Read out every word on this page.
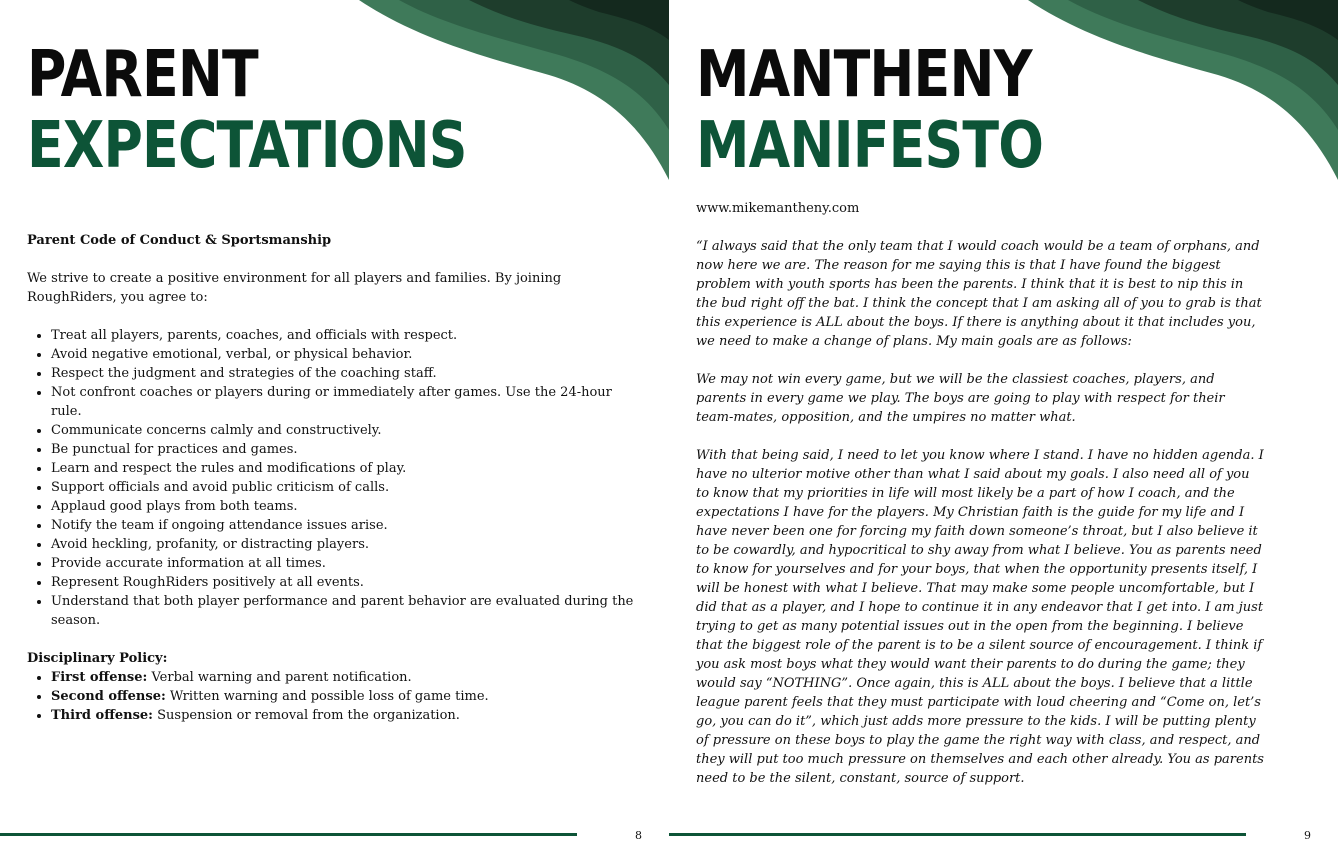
PARENT
EXPECTATIONS

Parent Code of Conduct & Sportsmanship

We strive to create a positive environment for all players and families. By joining RoughRiders, you agree to:

• Treat all players, parents, coaches, and officials with respect.
• Avoid negative emotional, verbal, or physical behavior.
• Respect the judgment and strategies of the coaching staff.
• Not confront coaches or players during or immediately after games. Use the 24-hour rule.
• Communicate concerns calmly and constructively.
• Be punctual for practices and games.
• Learn and respect the rules and modifications of play.
• Support officials and avoid public criticism of calls.
• Applaud good plays from both teams.
• Notify the team if ongoing attendance issues arise.
• Avoid heckling, profanity, or distracting players.
• Provide accurate information at all times.
• Represent RoughRiders positively at all events.
• Understand that both player performance and parent behavior are evaluated during the season.

Disciplinary Policy:

• First offense: Verbal warning and parent notification.
• Second offense: Written warning and possible loss of game time.
• Third offense: Suspension or removal from the organization.
8
MANTHENY
MANIFESTO

www.mikemantheny.com

“I always said that the only team that I would coach would be a team of orphans, and now here we are. The reason for me saying this is that I have found the biggest problem with youth sports has been the parents. I think that it is best to nip this in the bud right off the bat. I think the concept that I am asking all of you to grab is that this experience is ALL about the boys. If there is anything about it that includes you, we need to make a change of plans. My main goals are as follows:

We may not win every game, but we will be the classiest coaches, players, and parents in every game we play. The boys are going to play with respect for their team-mates, opposition, and the umpires no matter what.

With that being said, I need to let you know where I stand. I have no hidden agenda. I have no ulterior motive other than what I said about my goals. I also need all of you to know that my priorities in life will most likely be a part of how I coach, and the expectations I have for the players. My Christian faith is the guide for my life and I have never been one for forcing my faith down someone’s throat, but I also believe it to be cowardly, and hypocritical to shy away from what I believe. You as parents need to know for yourselves and for your boys, that when the opportunity presents itself, I will be honest with what I believe. That may make some people uncomfortable, but I did that as a player, and I hope to continue it in any endeavor that I get into. I am just trying to get as many potential issues out in the open from the beginning. I believe that the biggest role of the parent is to be a silent source of encouragement. I think if you ask most boys what they would want their parents to do during the game; they would say “NOTHING”. Once again, this is ALL about the boys. I believe that a little league parent feels that they must participate with loud cheering and “Come on, let’s go, you can do it”, which just adds more pressure to the kids. I will be putting plenty of pressure on these boys to play the game the right way with class, and respect, and they will put too much pressure on themselves and each other already. You as parents need to be the silent, constant, source of support.

9
